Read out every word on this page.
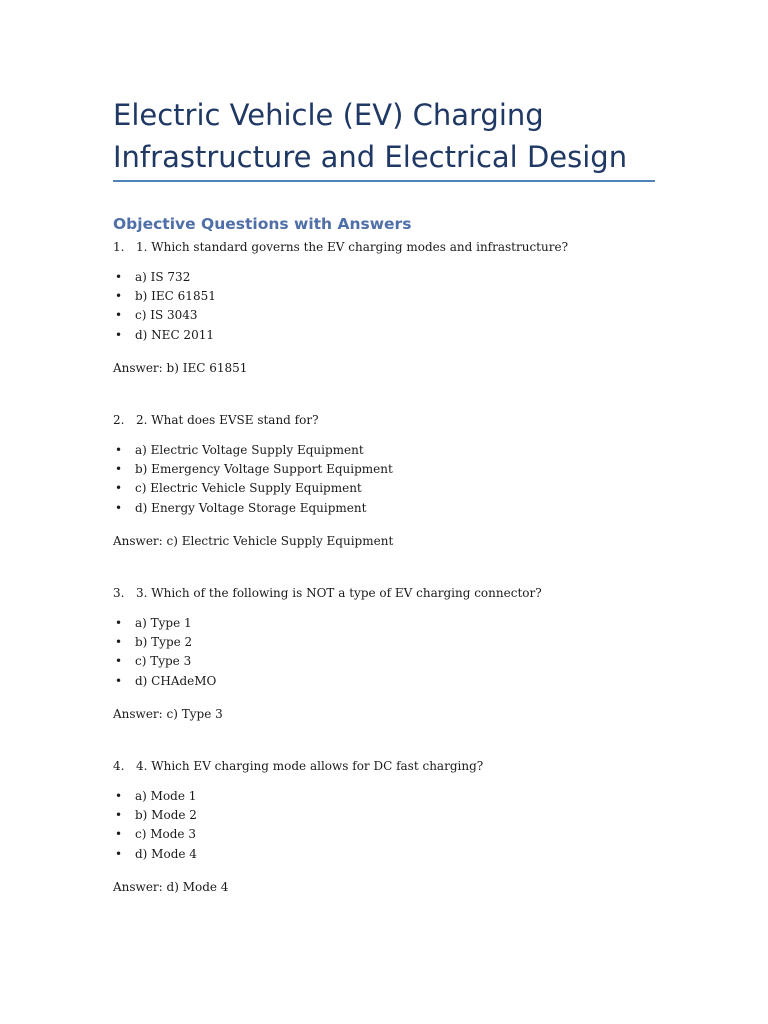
Electric Vehicle (EV) Charging Infrastructure and Electrical Design
Objective Questions with Answers
1. 1. Which standard governs the EV charging modes and infrastructure?
•	a) IS 732
•	b) IEC 61851
•	c) IS 3043
•	d) NEC 2011
Answer: b) IEC 61851
2. 2. What does EVSE stand for?
•	a) Electric Voltage Supply Equipment
•	b) Emergency Voltage Support Equipment
•	c) Electric Vehicle Supply Equipment
•	d) Energy Voltage Storage Equipment
Answer: c) Electric Vehicle Supply Equipment
3. 3. Which of the following is NOT a type of EV charging connector?
•	a) Type 1
•	b) Type 2
•	c) Type 3
•	d) CHAdeMO
Answer: c) Type 3
4. 4. Which EV charging mode allows for DC fast charging?
•	a) Mode 1
•	b) Mode 2
•	c) Mode 3
•	d) Mode 4
Answer: d) Mode 4
